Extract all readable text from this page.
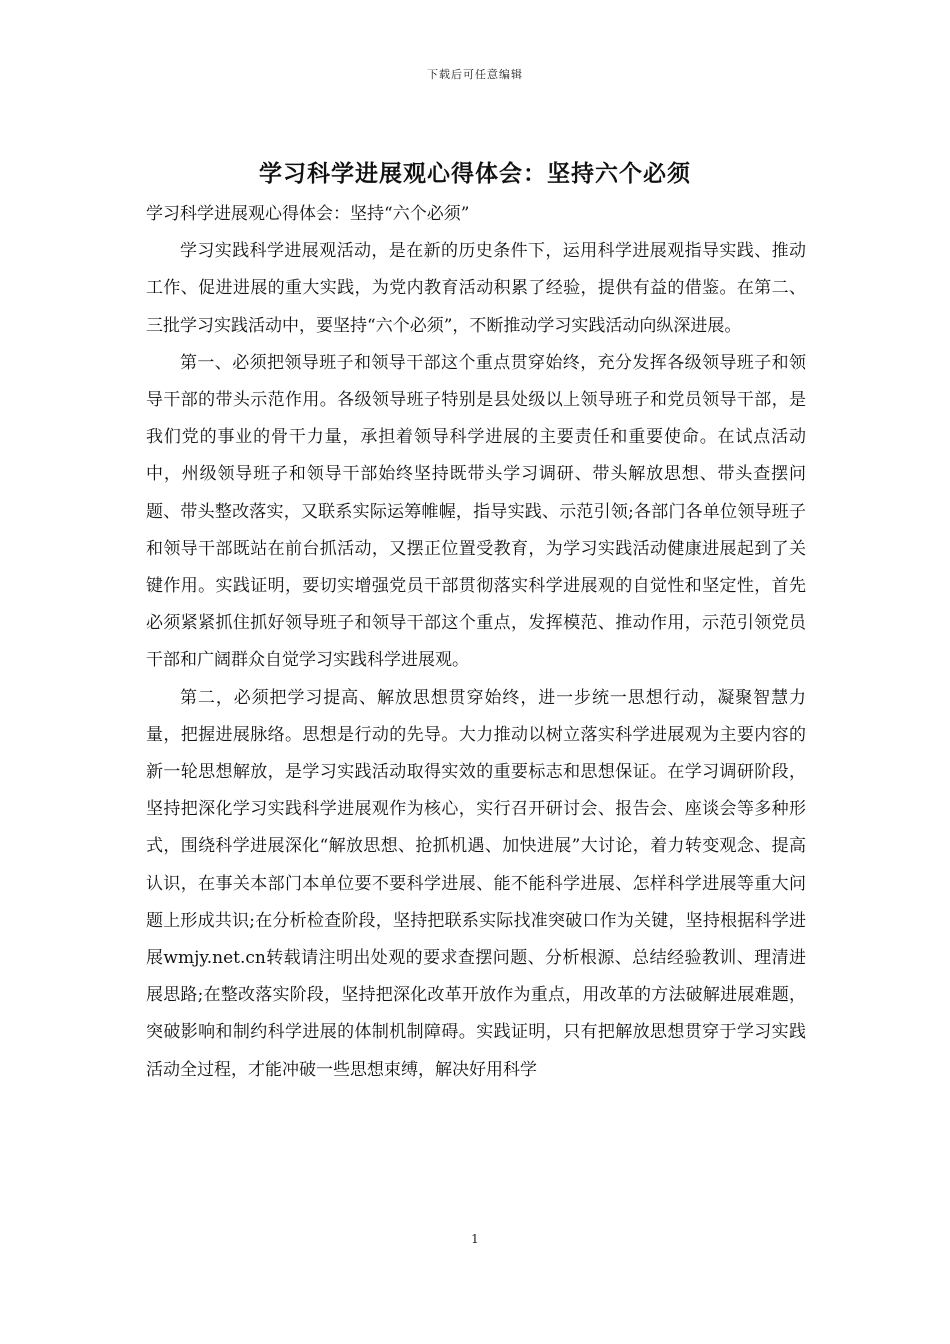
下载后可任意编辑
学习科学进展观心得体会：坚持六个必须

学习科学进展观心得体会：坚持“六个必须”

学习实践科学进展观活动，是在新的历史条件下，运用科学进展观指导实践、推动工作、促进进展的重大实践，为党内教育活动积累了经验，提供有益的借鉴。在第二、三批学习实践活动中，要坚持“六个必须”，不断推动学习实践活动向纵深进展。

第一、必须把领导班子和领导干部这个重点贯穿始终，充分发挥各级领导班子和领导干部的带头示范作用。各级领导班子特别是县处级以上领导班子和党员领导干部，是我们党的事业的骨干力量，承担着领导科学进展的主要责任和重要使命。在试点活动中，州级领导班子和领导干部始终坚持既带头学习调研、带头解放思想、带头查摆问题、带头整改落实，又联系实际运筹帷幄，指导实践、示范引领;各部门各单位领导班子和领导干部既站在前台抓活动，又摆正位置受教育，为学习实践活动健康进展起到了关键作用。实践证明，要切实增强党员干部贯彻落实科学进展观的自觉性和坚定性，首先必须紧紧抓住抓好领导班子和领导干部这个重点，发挥模范、推动作用，示范引领党员干部和广阔群众自觉学习实践科学进展观。

第二，必须把学习提高、解放思想贯穿始终，进一步统一思想行动，凝聚智慧力量，把握进展脉络。思想是行动的先导。大力推动以树立落实科学进展观为主要内容的新一轮思想解放，是学习实践活动取得实效的重要标志和思想保证。在学习调研阶段，坚持把深化学习实践科学进展观作为核心，实行召开研讨会、报告会、座谈会等多种形式，围绕科学进展深化“解放思想、抢抓机遇、加快进展”大讨论，着力转变观念、提高认识，在事关本部门本单位要不要科学进展、能不能科学进展、怎样科学进展等重大问题上形成共识;在分析检查阶段，坚持把联系实际找准突破口作为关键，坚持根据科学进展wmjy.net.cn转载请注明出处观的要求查摆问题、分析根源、总结经验教训、理清进展思路;在整改落实阶段，坚持把深化改革开放作为重点，用改革的方法破解进展难题，突破影响和制约科学进展的体制机制障碍。实践证明，只有把解放思想贯穿于学习实践活动全过程，才能冲破一些思想束缚，解决好用科学

1
